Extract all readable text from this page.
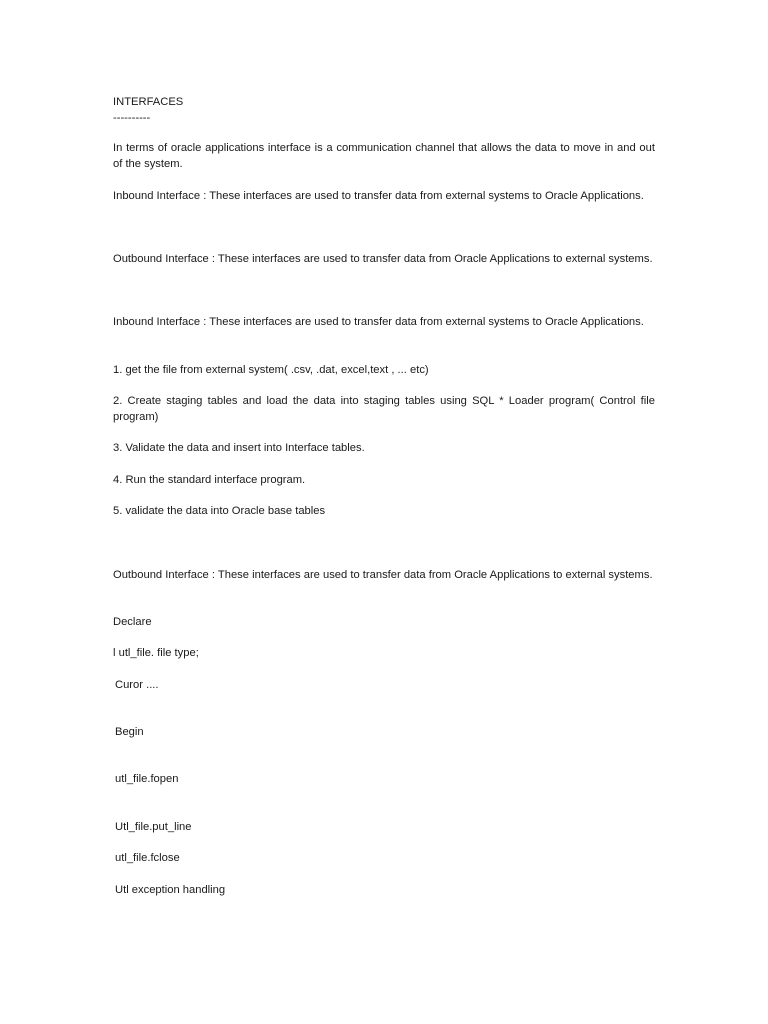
INTERFACES
----------
In terms of oracle applications interface is a communication channel that allows the data to move in and out of the system.
Inbound Interface : These interfaces are used to transfer data from external systems to Oracle Applications.
Outbound Interface : These interfaces are used to transfer data from Oracle Applications to external systems.
Inbound Interface : These interfaces are used to transfer data from external systems to Oracle Applications.
1. get the file from external system( .csv, .dat, excel,text , ... etc)
2. Create staging tables and load the data into staging tables using SQL * Loader program( Control file program)
3. Validate the data and insert into Interface tables.
4. Run the standard interface program.
5. validate the data into Oracle base tables
Outbound Interface : These interfaces are used to transfer data from Oracle Applications to external systems.
Declare
l utl_file. file type;
Curor ....
Begin
utl_file.fopen
Utl_file.put_line
utl_file.fclose
Utl exception handling
